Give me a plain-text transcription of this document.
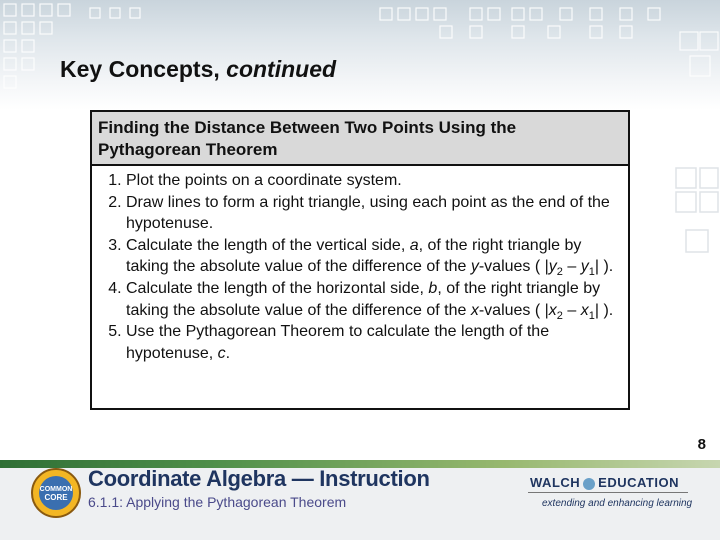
Key Concepts, continued
Finding the Distance Between Two Points Using the
Pythagorean Theorem
1. Plot the points on a coordinate system.
2. Draw lines to form a right triangle, using each point as the end of the hypotenuse.
3. Calculate the length of the vertical side, a, of the right triangle by taking the absolute value of the difference of the y-values ( $|y_2 - y_1|$ ).
4. Calculate the length of the horizontal side, b, of the right triangle by taking the absolute value of the difference of the x-values ( $|x_2 - x_1|$ ).
5. Use the Pythagorean Theorem to calculate the length of the hypotenuse, c.
8
COMMON
CORE
Coordinate Algebra — Instruction
6.1.1: Applying the Pythagorean Theorem
WALCH EDUCATION
extending and enhancing learning
